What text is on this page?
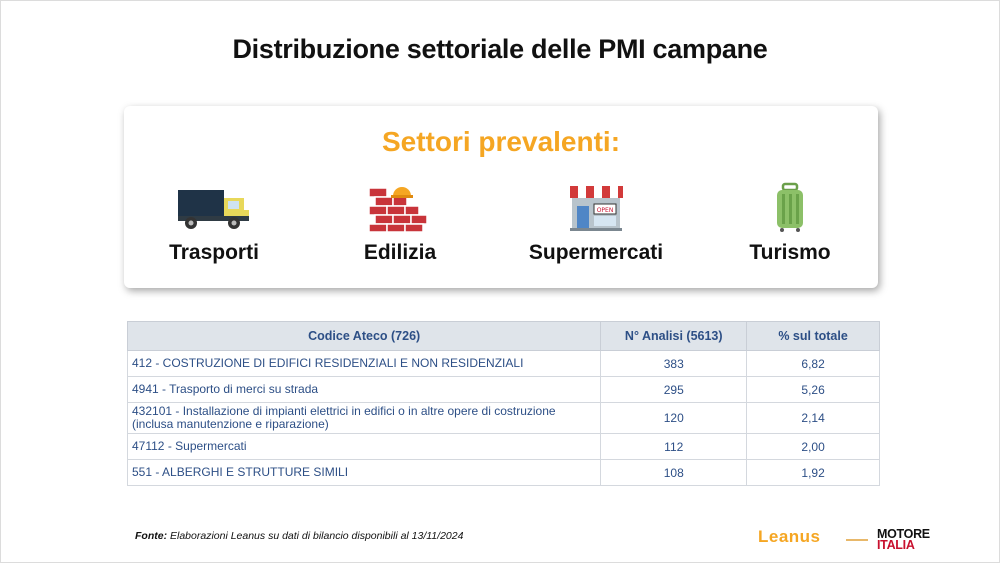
Distribuzione settoriale delle PMI campane
Settori prevalenti:
Trasporti	Edilizia
OPEN
Supermercati	Turismo
Codice Ateco (726)	N° Analisi (5613)	% sul totale
412 - COSTRUZIONE DI EDIFICI RESIDENZIALI E NON RESIDENZIALI	383	6,82
4941 - Trasporto di merci su strada	295	5,26
432101 - Installazione di impianti elettrici in edifici o in altre opere di costruzione (inclusa manutenzione e riparazione)	120	2,14
47112 - Supermercati	112	2,00
551 - ALBERGHI E STRUTTURE SIMILI	108	1,92
Fonte: Elaborazioni Leanus su dati di bilancio disponibili al 13/11/2024	Leanus	MOTORE
ITALIA
